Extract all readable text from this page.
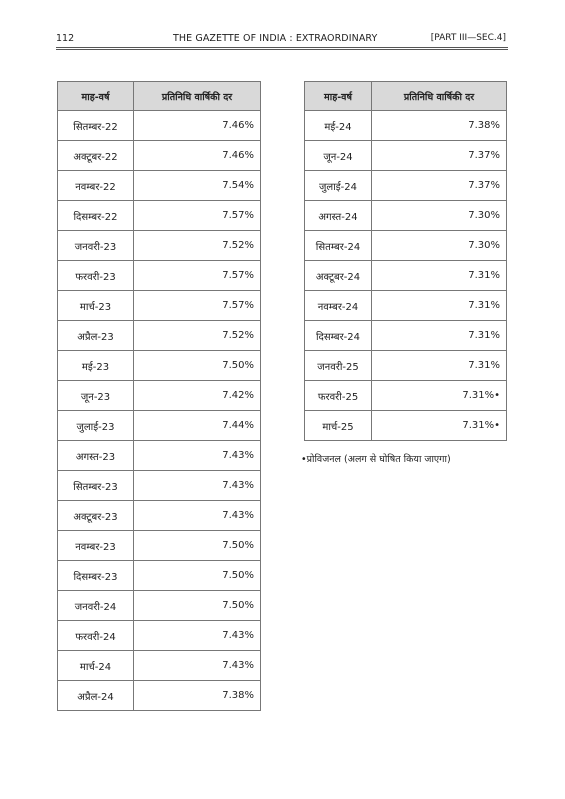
112	THE GAZETTE OF INDIA : EXTRAORDINARY	[PART III—SEC.4]
माह-वर्ष	प्रतिनिधि वार्षिकी दर
सितम्बर-22	7.46%
अक्टूबर-22	7.46%
नवम्बर-22	7.54%
दिसम्बर-22	7.57%
जनवरी-23	7.52%
फरवरी-23	7.57%
मार्च-23	7.57%
अप्रैल-23	7.52%
मई-23	7.50%
जून-23	7.42%
जुलाई-23	7.44%
अगस्त-23	7.43%
सितम्बर-23	7.43%
अक्टूबर-23	7.43%
नवम्बर-23	7.50%
दिसम्बर-23	7.50%
जनवरी-24	7.50%
फरवरी-24	7.43%
मार्च-24	7.43%
अप्रैल-24	7.38%
माह-वर्ष	प्रतिनिधि वार्षिकी दर
मई-24	7.38%
जून-24	7.37%
जुलाई-24	7.37%
अगस्त-24	7.30%
सितम्बर-24	7.30%
अक्टूबर-24	7.31%
नवम्बर-24	7.31%
दिसम्बर-24	7.31%
जनवरी-25	7.31%
फरवरी-25	7.31%•
मार्च-25	7.31%•
•प्रोविजनल (अलग से घोषित किया जाएगा)
